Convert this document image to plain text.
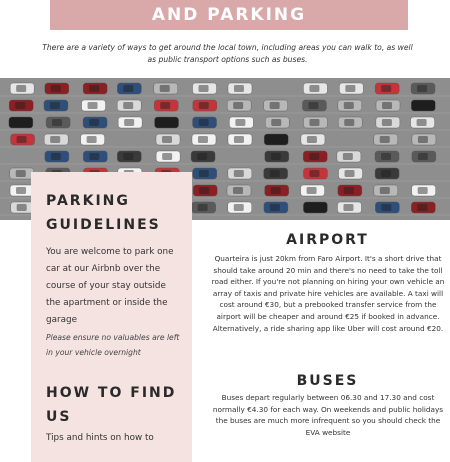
AND PARKING
There are a variety of ways to get around the local town, including areas you can walk to, as well as public transport options such as buses.
PARKING
GUIDELINES
You are welcome to park one car at our Airbnb over the course of your stay outside the apartment or inside the garage
Please ensure no valuables are left in your vehicle overnight
HOW TO FIND
US
Tips and hints on how to
AIRPORT
Quarteira is just 20km from Faro Airport. It's a short drive that should take around 20 min and there's no need to take the toll road either. If you're not planning on hiring your own vehicle an array of taxis and private hire vehicles are available. A taxi will cost around €30, but a prebooked transfer service from the airport will be cheaper and around €25 if booked in advance. Alternatively, a ride sharing app like Uber will cost around €20.
BUSES
Buses depart regularly between 06.30 and 17.30 and cost normally €4.30 for each way. On weekends and public holidays the buses are much more infrequent so you should check the EVA website
